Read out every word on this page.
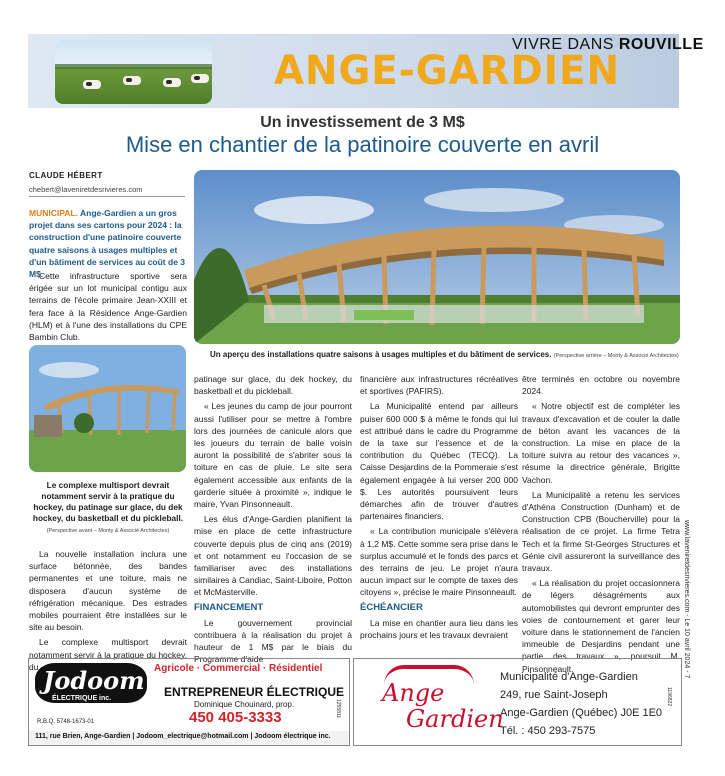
VIVRE DANS ROUVILLE
ANGE-GARDIEN
Un investissement de 3 M$
Mise en chantier de la patinoire couverte en avril
CLAUDE HÉBERT
chebert@laveniretdesrivieres.com
MUNICIPAL. Ange-Gardien a un gros projet dans ses cartons pour 2024 : la construction d'une patinoire couverte quatre saisons à usages multiples et d'un bâtiment de services au coût de 3 M$.

Cette infrastructure sportive sera érigée sur un lot municipal contigu aux terrains de l'école primaire Jean-XXIII et fera face à la Résidence Ange-Gardien (HLM) et à l'une des installations du CPE Bambin Club.

Un aperçu des installations quatre saisons à usages multiples et du bâtiment de services. (Perspective arrière – Monty & Associé Architectes)
Le complexe multisport devrait notamment servir à la pratique du hockey, du patinage sur glace, du dek hockey, du basketball et du pickleball.
(Perspective avant – Monty & Associé Architectes)

La nouvelle installation inclura une surface bétonnée, des bandes permanentes et une toiture, mais ne disposera d'aucun système de réfrigération mécanique. Des estrades mobiles pourraient être installées sur le site au besoin.

Le complexe multisport devrait notamment servir à la pratique du hockey, du

patinage sur glace, du dek hockey, du basketball et du pickleball.

« Les jeunes du camp de jour pourront aussi l'utiliser pour se mettre à l'ombre lors des journées de canicule alors que les joueurs du terrain de balle voisin auront la possibilité de s'abriter sous la toiture en cas de pluie. Le site sera également accessible aux enfants de la garderie située à proximité », indique le maire, Yvan Pinsonneault.

Les élus d'Ange-Gardien planifient la mise en place de cette infrastructure couverte depuis plus de cinq ans (2019) et ont notamment eu l'occasion de se familiariser avec des installations similaires à Candiac, Saint-Liboire, Potton et McMasterville.

FINANCEMENT

Le gouvernement provincial contribuera à la réalisation du projet à hauteur de 1 M$ par le biais du Programme d'aide

financière aux infrastructures récréatives et sportives (PAFIRS).

La Municipalité entend par ailleurs puiser 600 000 $ à même le fonds qui lui est attribué dans le cadre du Programme de la taxe sur l'essence et de la contribution du Québec (TECQ). La Caisse Desjardins de la Pommeraie s'est également engagée à lui verser 200 000 $. Les autorités poursuivent leurs démarches afin de trouver d'autres partenaires financiers.

« La contribution municipale s'élèvera à 1,2 M$. Cette somme sera prise dans le surplus accumulé et le fonds des parcs et des terrains de jeu. Le projet n'aura aucun impact sur le compte de taxes des citoyens », précise le maire Pinsonneault.

ÉCHÉANCIER

La mise en chantier aura lieu dans les prochains jours et les travaux devraient

être terminés en octobre ou novembre 2024.

« Notre objectif est de compléter les travaux d'excavation et de couler la dalle de béton avant les vacances de la construction. La mise en place de la toiture suivra au retour des vacances », résume la directrice générale, Brigitte Vachon.

La Municipalité a retenu les services d'Athéna Construction (Dunham) et de Construction CPB (Boucherville) pour la réalisation de ce projet. La firme Tetra Tech et la firme St-Georges Structures et Génie civil assureront la surveillance des travaux.

« La réalisation du projet occasionnera de légers désagréments aux automobilistes qui devront emprunter des voies de contournement et garer leur voiture dans le stationnement de l'ancien immeuble de Desjardins pendant une partie des travaux », poursuit M. Pinsonneault.	www.laveniretdesrivieres.com - Le 10 avril 2024 - 7
Jodoom
ÉLECTRIQUE inc.
R.B.Q. 5748-1673-01
Agricole · Commercial · Résidentiel
ENTREPRENEUR ÉLECTRIQUE
Dominique Chouinard, prop.
450 405-3333
111, rue Brien, Ange-Gardien | Jodoom_electrique@hotmail.com | Jodoom électrique inc.
1255811
Ange
Gardien
Municipalité d'Ange-Gardien
249, rue Saint-Joseph
Ange-Gardien (Québec) J0E 1E0
Tél. : 450 293-7575
1196822
